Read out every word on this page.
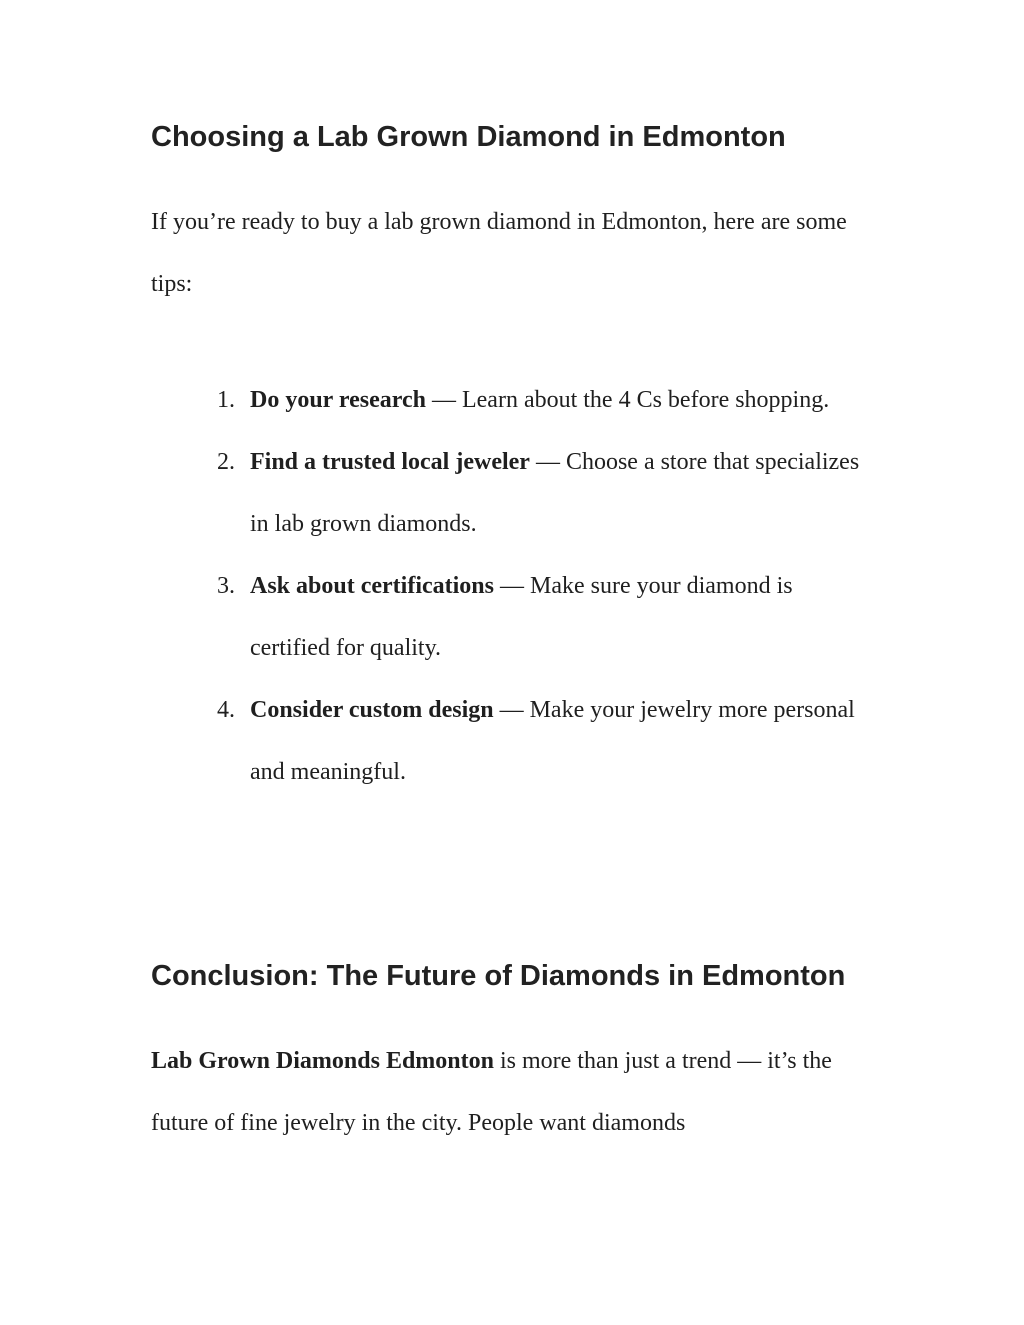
Choosing a Lab Grown Diamond in Edmonton

If you’re ready to buy a lab grown diamond in Edmonton, here are some tips:

1. Do your research — Learn about the 4 Cs before shopping.
2. Find a trusted local jeweler — Choose a store that specializes in lab grown diamonds.
3. Ask about certifications — Make sure your diamond is certified for quality.
4. Consider custom design — Make your jewelry more personal and meaningful.
Conclusion: The Future of Diamonds in Edmonton

Lab Grown Diamonds Edmonton is more than just a trend — it’s the future of fine jewelry in the city. People want diamonds
